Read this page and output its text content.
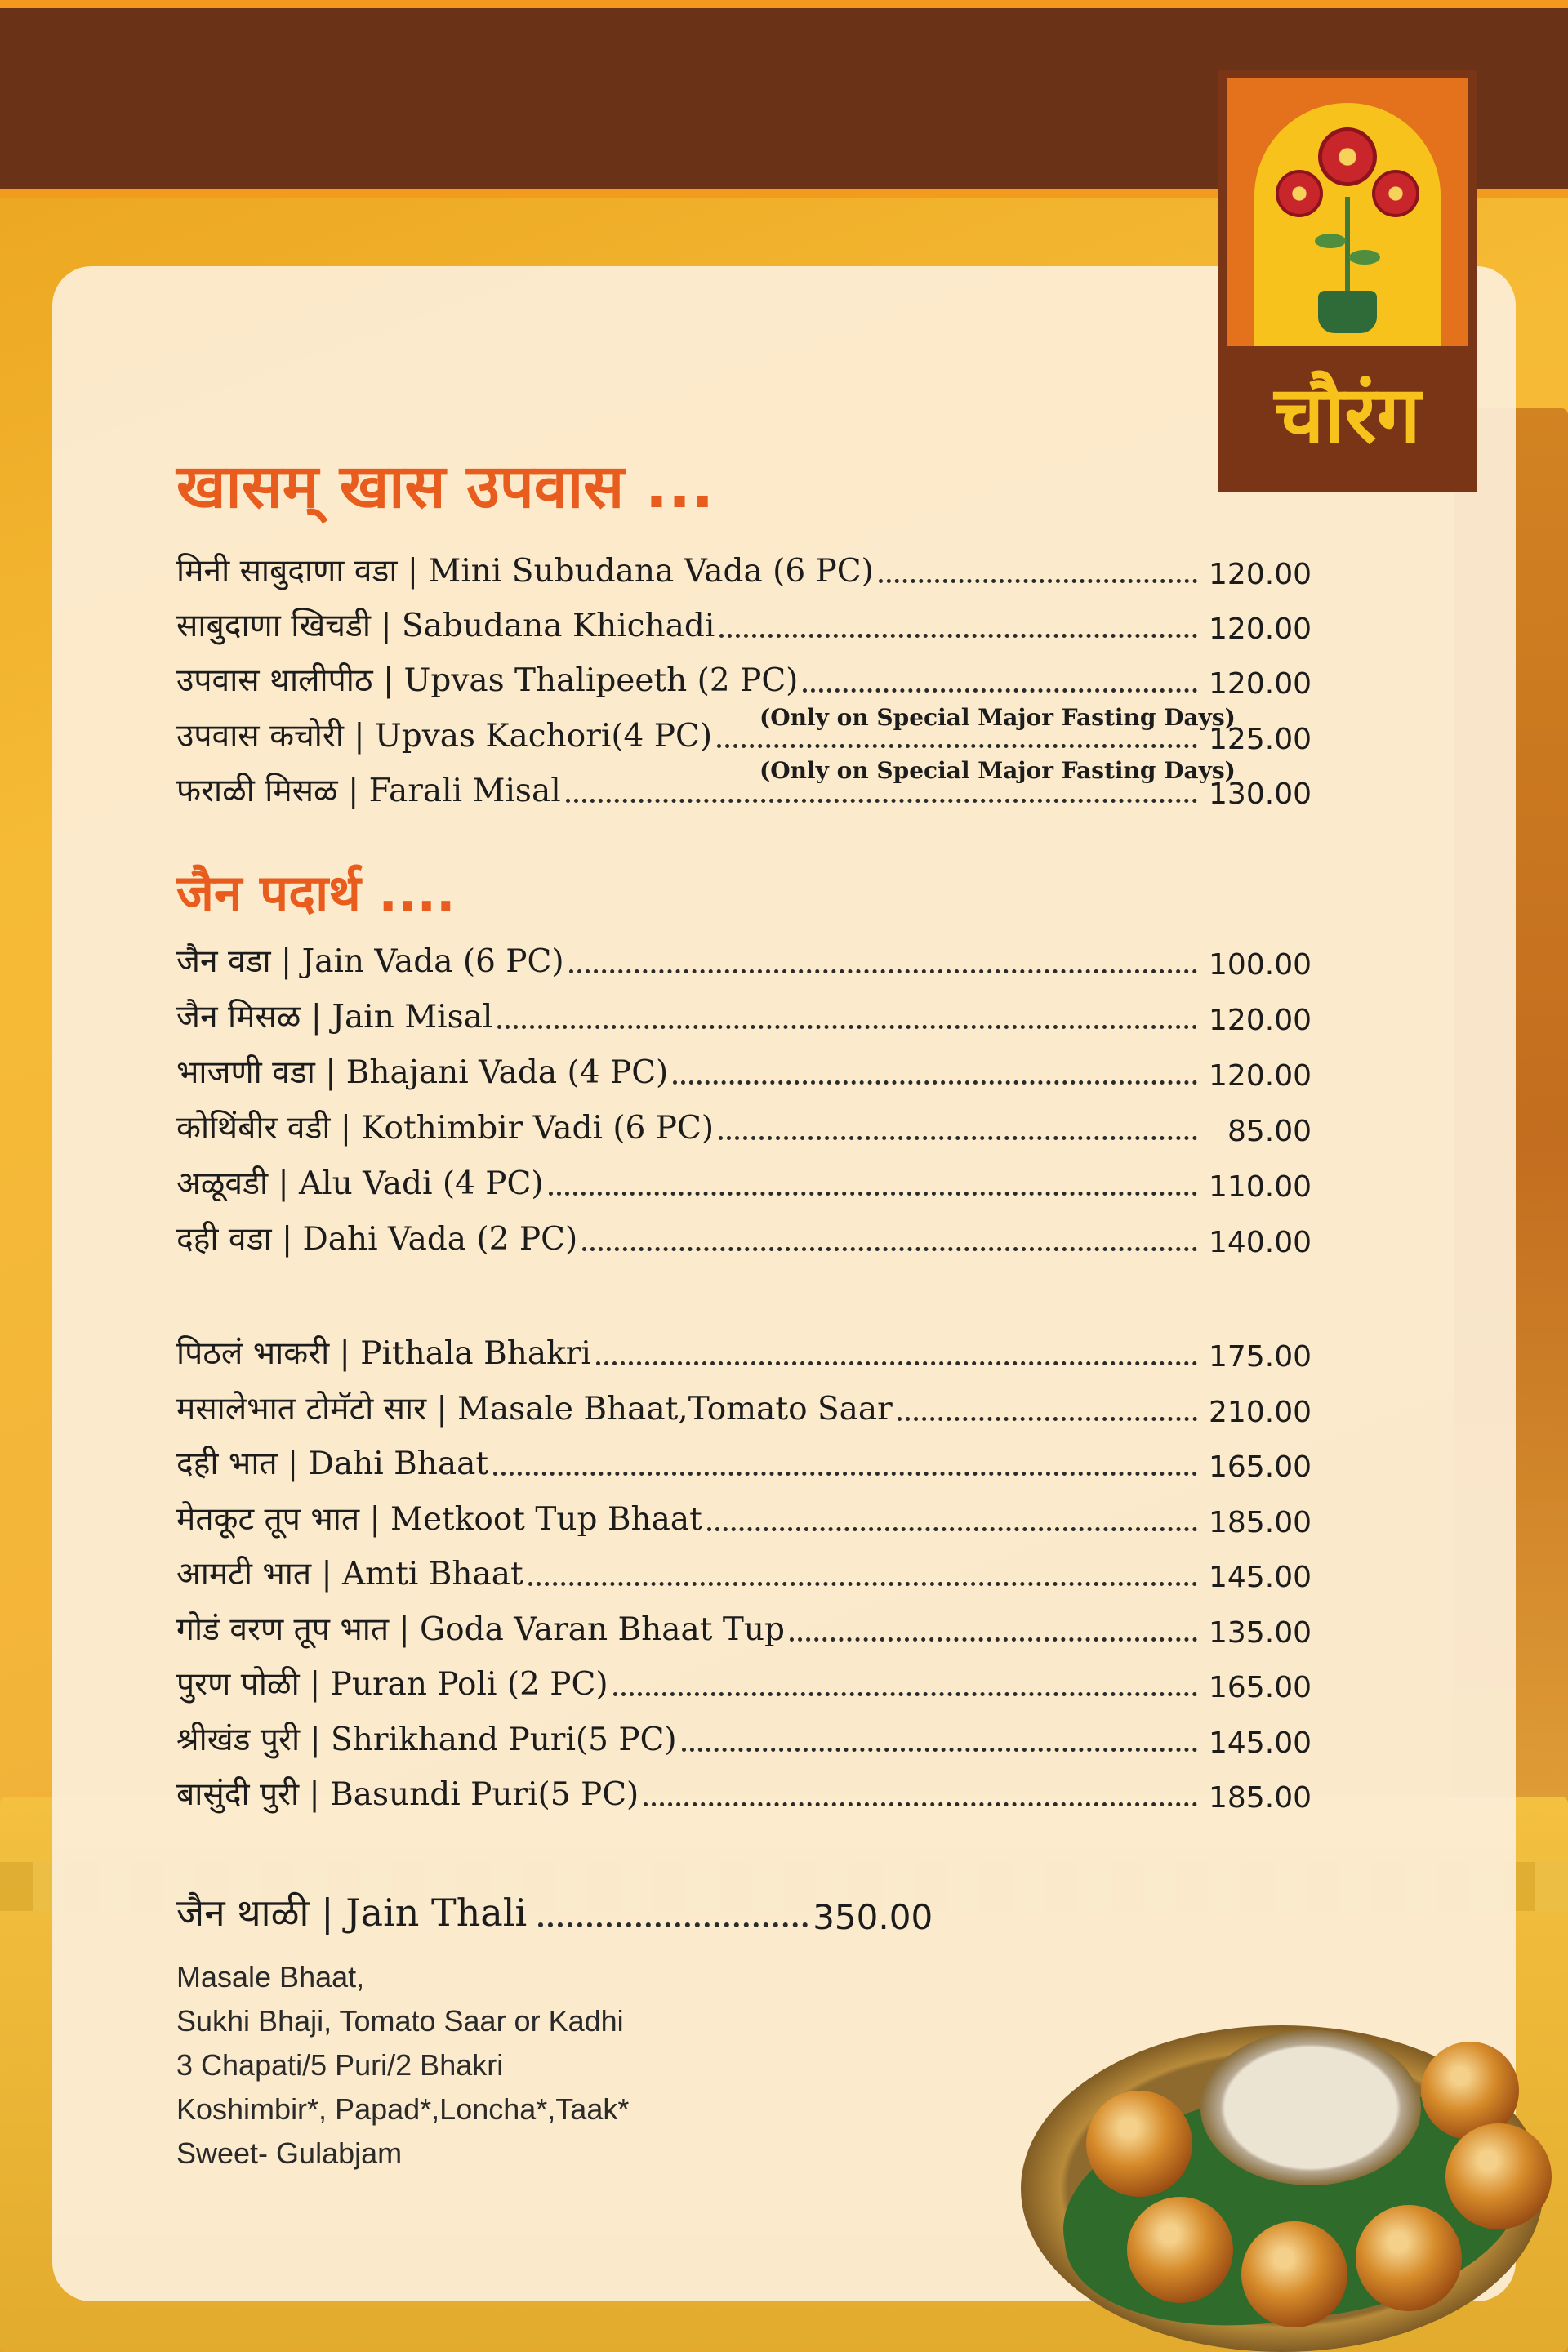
चौरंग
खासम् खास उपवास ...
मिनी साबुदाणा वडा | Mini Subudana Vada (6 PC)	120.00
साबुदाणा खिचडी | Sabudana Khichadi	120.00
उपवास थालीपीठ | Upvas Thalipeeth (2 PC)	120.00
उपवास कचोरी | Upvas Kachori(4 PC)	125.00
(Only on Special Major Fasting Days)
फराळी मिसळ | Farali Misal	130.00
(Only on Special Major Fasting Days)
जैन पदार्थ ....
जैन वडा | Jain Vada (6 PC)	100.00
जैन मिसळ | Jain Misal	120.00
भाजणी वडा | Bhajani Vada (4 PC)	120.00
कोथिंबीर वडी | Kothimbir Vadi (6 PC)	85.00
अळूवडी | Alu Vadi (4 PC)	110.00
दही वडा | Dahi Vada (2 PC)	140.00
पिठलं भाकरी | Pithala Bhakri	175.00
मसालेभात टोमॅटो सार | Masale Bhaat,Tomato Saar	210.00
दही भात | Dahi Bhaat	165.00
मेतकूट तूप भात | Metkoot Tup Bhaat	185.00
आमटी भात | Amti Bhaat	145.00
गोडं वरण तूप भात | Goda Varan Bhaat Tup	135.00
पुरण पोळी | Puran Poli (2 PC)	165.00
श्रीखंड पुरी | Shrikhand Puri(5 PC)	145.00
बासुंदी पुरी | Basundi Puri(5 PC)	185.00
जैन थाळी | Jain Thali	350.00
Masale Bhaat,
Sukhi Bhaji, Tomato Saar or Kadhi
3 Chapati/5 Puri/2 Bhakri
Koshimbir*, Papad*,Loncha*,Taak*
Sweet- Gulabjam
